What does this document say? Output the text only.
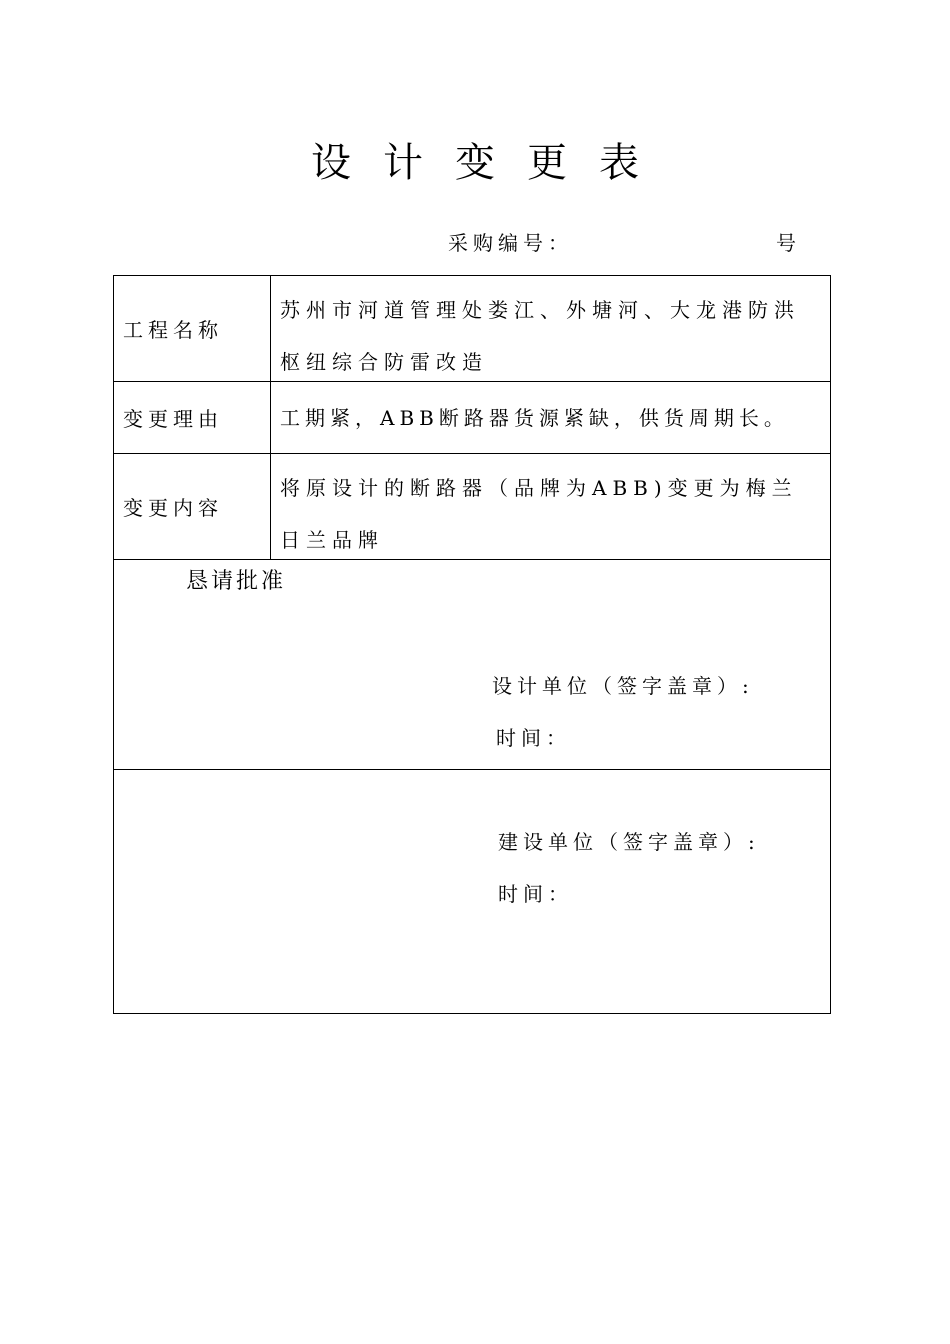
设计变更表
采购编号：	号
工程名称
苏州市河道管理处娄江、外塘河、大龙港防洪枢纽综合防雷改造
变更理由	工期紧，ABB断路器货源紧缺，供货周期长。
变更内容
将原设计的断路器（品牌为ABB)变更为梅兰日兰品牌
恳请批准
设计单位（签字盖章）:
时间：
建设单位（签字盖章）:
时间：
